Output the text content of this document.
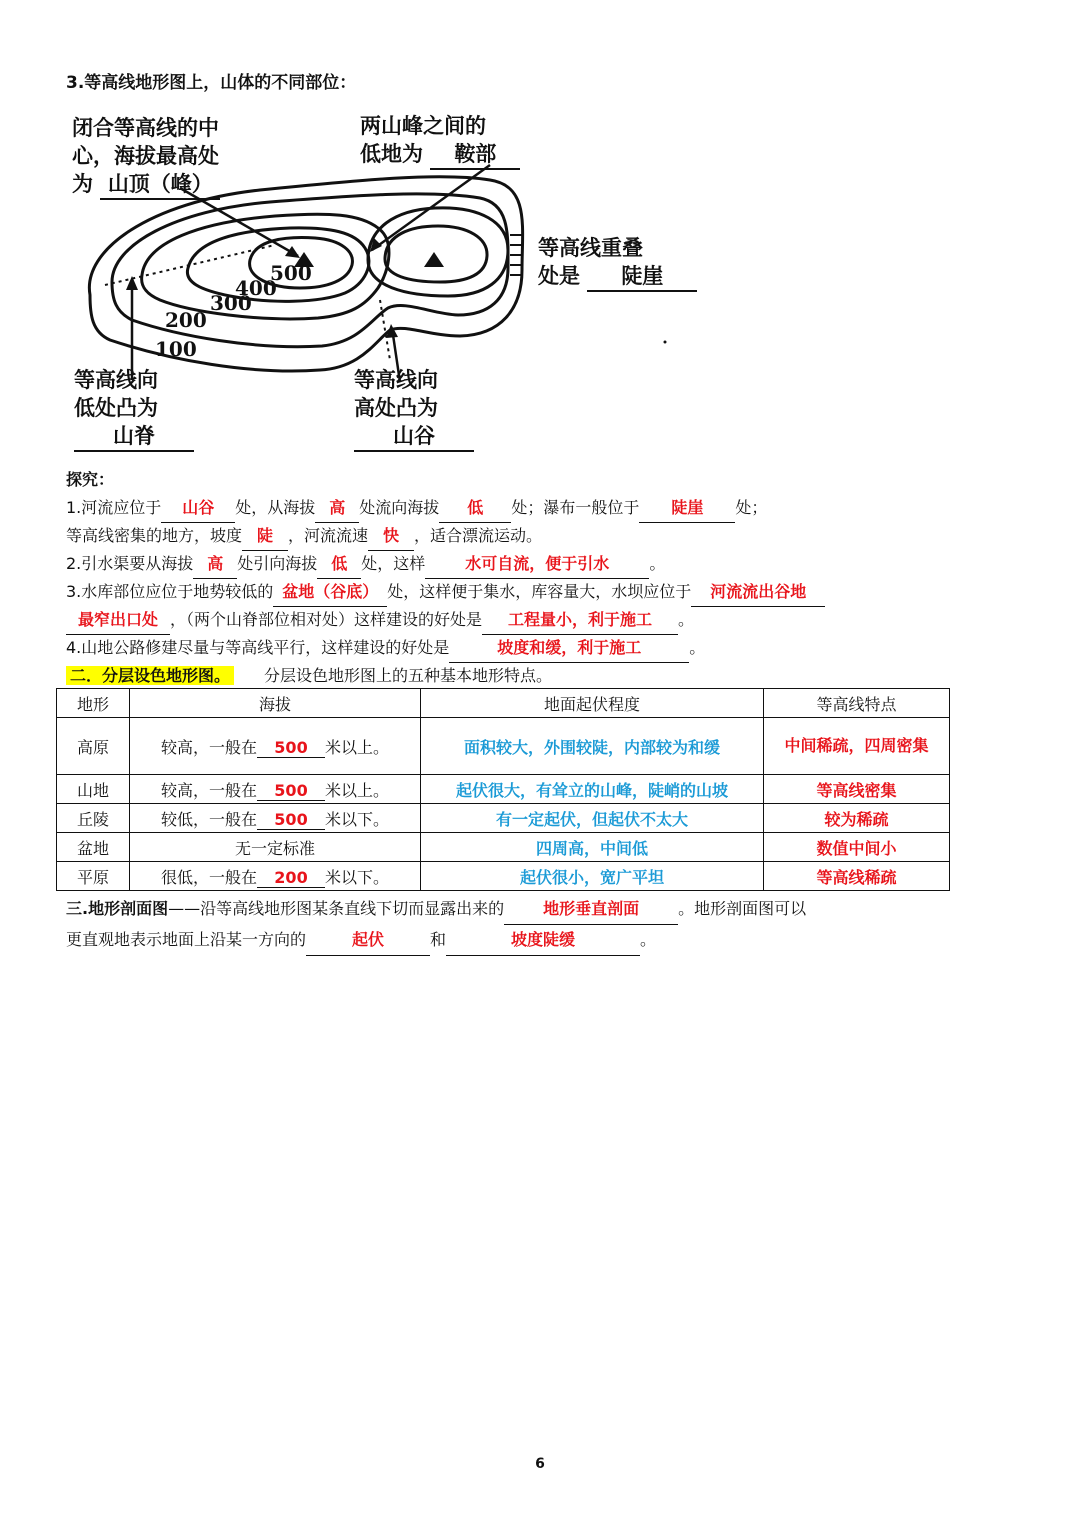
3.等高线地形图上，山体的不同部位：
500
400
300
200
100
闭合等高线的中
心，海拔最高处
为 山顶（峰）
两山峰之间的
低地为 鞍部
等高线重叠
处是 陡崖
等高线向
低处凸为
山脊
等高线向
高处凸为
山谷
探究：
1.河流应位于 山谷 处，从海拔 高 处流向海拔 低 处；瀑布一般位于 陡崖 处；
等高线密集的地方，坡度 陡 ，河流流速 快 ，适合漂流运动。
2.引水渠要从海拔 高 处引向海拔 低 处，这样 水可自流，便于引水	。
3.水库部位应位于地势较低的 盆地（谷底） 处，这样便于集水，库容量大，水坝应位于 河流流出谷地
最窄出口处 ，（两个山脊部位相对处）这样建设的好处是 工程量小，利于施工 。
4.山地公路修建尽量与等高线平行，这样建设的好处是	坡度和缓，利于施工	。
二．分层设色地形图。 分层设色地形图上的五种基本地形特点。
地形	海拔	地面起伏程度	等高线特点
高原	较高，一般在 500 米以上。	面积较大，外围较陡，内部较为和缓	中间稀疏，四周密集
山地	较高，一般在 500 米以上。	起伏很大，有耸立的山峰，陡峭的山坡	等高线密集
丘陵	较低，一般在 500 米以下。	有一定起伏，但起伏不太大	较为稀疏
盆地	无一定标准	四周高，中间低	数值中间小
平原	很低，一般在 200 米以下。	起伏很小，宽广平坦	等高线稀疏
三.地形剖面图——沿等高线地形图某条直线下切而显露出来的 地形垂直剖面 。地形剖面图可以
更直观地表示地面上沿某一方向的	起伏	和	坡度陡缓	。
6
